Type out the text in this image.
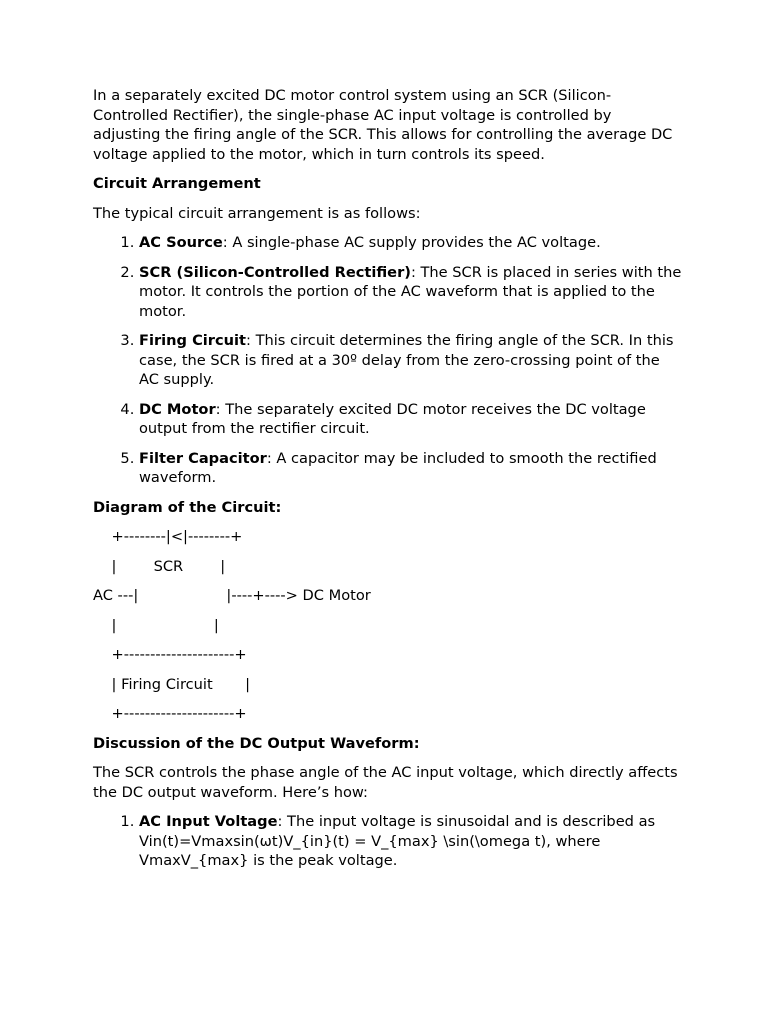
In a separately excited DC motor control system using an SCR (Silicon-Controlled Rectifier), the single-phase AC input voltage is controlled by adjusting the firing angle of the SCR. This allows for controlling the average DC voltage applied to the motor, which in turn controls its speed.

Circuit Arrangement

The typical circuit arrangement is as follows:

1. AC Source: A single-phase AC supply provides the AC voltage.
2. SCR (Silicon-Controlled Rectifier): The SCR is placed in series with the motor. It controls the portion of the AC waveform that is applied to the motor.
3. Firing Circuit: This circuit determines the firing angle of the SCR. In this case, the SCR is fired at a 30º delay from the zero-crossing point of the AC supply.
4. DC Motor: The separately excited DC motor receives the DC voltage output from the rectifier circuit.
5. Filter Capacitor: A capacitor may be included to smooth the rectified waveform.

Diagram of the Circuit:

+--------|<|--------+
|        SCR        |
AC ---|                   |----+----> DC Motor
|                     |
+---------------------+
| Firing Circuit       |
+---------------------+

Discussion of the DC Output Waveform:

The SCR controls the phase angle of the AC input voltage, which directly affects the DC output waveform. Here’s how:

1. AC Input Voltage: The input voltage is sinusoidal and is described as Vin(t)=Vmaxsin(ωt)V_{in}(t) = V_{max} \sin(\omega t), where VmaxV_{max} is the peak voltage.
